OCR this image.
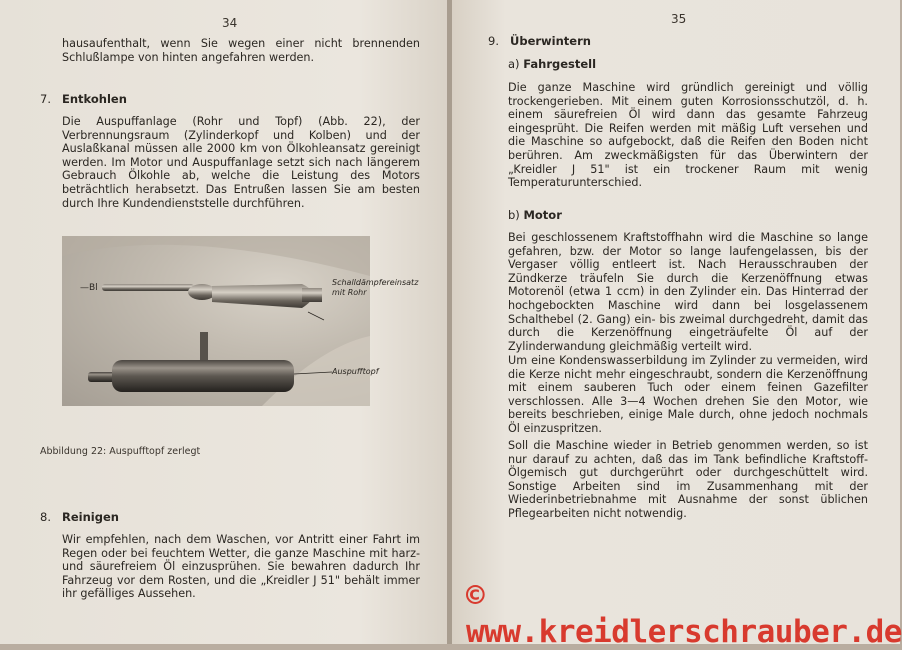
34

hausaufenthalt, wenn Sie wegen einer nicht brennenden Schlußlampe von hinten angefahren werden.

7. Entkohlen

Die Auspuffanlage (Rohr und Topf) (Abb. 22), der Verbrennungsraum (Zylinderkopf und Kolben) und der Auslaßkanal müssen alle 2000 km von Ölkohleansatz gereinigt werden. Im Motor und Auspuffanlage setzt sich nach längerem Gebrauch Ölkohle ab, welche die Leistung des Motors beträchtlich herabsetzt. Das Entrußen lassen Sie am besten durch Ihre Kundendienststelle durchführen.

—Bl
Schalldämpfereinsatz mit Rohr
Auspufftopf
Abbildung 22: Auspufftopf zerlegt
8. Reinigen

Wir empfehlen, nach dem Waschen, vor Antritt einer Fahrt im Regen oder bei feuchtem Wetter, die ganze Maschine mit harz- und säurefreiem Öl einzusprühen. Sie bewahren dadurch Ihr Fahrzeug vor dem Rosten, und die „Kreidler J 51" behält immer ihr gefälliges Aussehen.

35
9. Überwintern
a) Fahrgestell

Die ganze Maschine wird gründlich gereinigt und völlig trockengerieben. Mit einem guten Korrosionsschutzöl, d. h. einem säurefreien Öl wird dann das gesamte Fahrzeug eingesprüht. Die Reifen werden mit mäßig Luft versehen und die Maschine so aufgebockt, daß die Reifen den Boden nicht berühren. Am zweckmäßigsten für das Überwintern der „Kreidler J 51" ist ein trockener Raum mit wenig Temperaturunterschied.

b) Motor

Bei geschlossenem Kraftstoffhahn wird die Maschine so lange gefahren, bzw. der Motor so lange laufengelassen, bis der Vergaser völlig entleert ist. Nach Herausschrauben der Zündkerze träufeln Sie durch die Kerzenöffnung etwas Motorenöl (etwa 1 ccm) in den Zylinder ein. Das Hinterrad der hochgebockten Maschine wird dann bei losgelassenem Schalthebel (2. Gang) ein- bis zweimal durchgedreht, damit das durch die Kerzenöffnung eingeträufelte Öl auf der Zylinderwandung gleichmäßig verteilt wird.

Um eine Kondenswasserbildung im Zylinder zu vermeiden, wird die Kerze nicht mehr eingeschraubt, sondern die Kerzenöffnung mit einem sauberen Tuch oder einem feinen Gazefilter verschlossen. Alle 3—4 Wochen drehen Sie den Motor, wie bereits beschrieben, einige Male durch, ohne jedoch nochmals Öl einzuspritzen.

Soll die Maschine wieder in Betrieb genommen werden, so ist nur darauf zu achten, daß das im Tank befindliche Kraftstoff-Ölgemisch gut durchgerührt oder durchgeschüttelt wird. Sonstige Arbeiten sind im Zusammenhang mit der Wiederinbetriebnahme mit Ausnahme der sonst üblichen Pflegearbeiten nicht notwendig.

© www.kreidlerschrauber.de
